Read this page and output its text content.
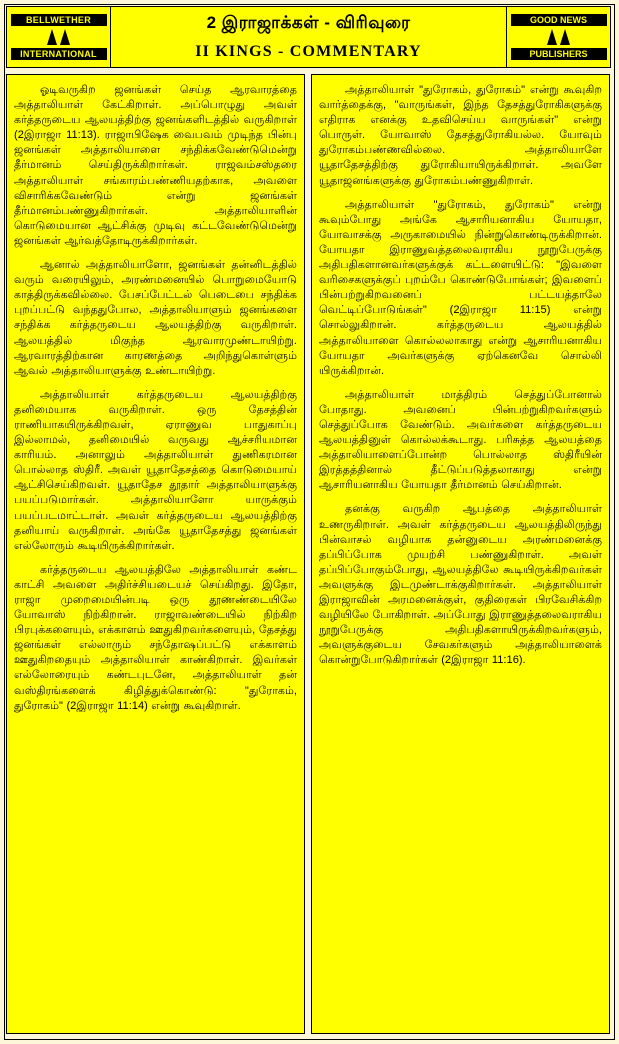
BELLWETHER
INTERNATIONAL
2 இராஜாக்கள் - விரிவுரை
II KINGS - COMMENTARY
GOOD NEWS
PUBLISHERS

ஓடிவருகிற ஜனங்கள் செய்த ஆரவாரத்தை அத்தாலியாள் கேட்கிறாள். அப்பொழுது அவள் கர்த்தருடைய ஆலயத்திற்கு ஜனங்களிடத்தில் வருகிறாள் (2இராஜா 11:13). ராஜாபிஷேக வைபவம் முடிந்த பின்பு ஜனங்கள் அத்தாலியாளை சந்திக்கவேண்டுமென்று தீர்மானம் செய்திருக்கிறார்கள். ராஜவம்சஸ்தரை அத்தாலியாள் சங்காரம்பண்ணியதற்காக, அவளை விசாரிக்கவேண்டும் என்று ஜனங்கள் தீர்மானம்பண்ணுகிறார்கள். அத்தாலியாளின் கொடுமையான ஆட்சிக்கு முடிவு கட்டவேண்டுமென்று ஜனங்கள் ஆர்வத்தோடிருக்கிறார்கள்.

ஆனால் அத்தாலியாளோ, ஜனங்கள் தன்னிடத்தில் வரும் வரையிலும், அரண்மனையில் பொறுமையோடு காத்திருக்கவில்லை. பேசப்பேட்டல் பெடைபை சந்திக்க புறப்பட்டு வந்ததுபோல, அத்தாலியாளும் ஜனங்களை சந்திக்க கர்த்தருடைய ஆலயத்திற்கு வருகிறாள். ஆலயத்தில் மிகுந்த ஆரவாரமுண்டாயிற்று. ஆரவாரத்திற்கான காரணத்தை அறிந்துகொள்ளும் ஆவல் அத்தாலியாளுக்கு உண்டாயிற்று.

அத்தாலியாள் கர்த்தருடைய ஆலயத்திற்கு தனிமையாக வருகிறாள். ஒரு தேசத்தின் ராணியாகயிருக்கிறவள், ஏராணுவ பாதுகாப்பு இல்லாமல், தனிமையில் வருவது ஆச்சரியமான காரியம். அனாலும் அத்தாலியாள் துணிகரமான பொல்லாத ஸ்திரீ. அவள் யூதாதேசத்தை கொடுமையாய் ஆட்சிசெய்கிறவள். யூதாதேச தூதார் அத்தாலியாளுக்கு பயப்படுமார்கள். அத்தாலியாளோ யாருக்கும் பயப்படமாட்டாள். அவள் கர்த்தருடைய ஆலயத்திற்கு தனியாய் வருகிறாள். அங்கே யூதாதேசத்து ஜனங்கள் எல்லோரும் கூடியிருக்கிறார்கள்.

கர்த்தருடைய ஆலயத்திலே அத்தாலியாள் கண்ட காட்சி அவளை அதிர்ச்சியடையச் செய்கிறது. இதோ, ராஜா முறைமையின்படி ஒரு தூணண்டையிலே யோவாஸ் நிற்கிறான். ராஜாவண்டையில் நிற்கிற பிரபுக்களையும், எக்காளம் ஊதுகிறவர்களையும், தேசத்து ஜனங்கள் எல்லாரும் சந்தோஷப்பட்டு எக்காளம் ஊதுகிறதையும் அத்தாலியாள் காண்கிறாள். இவர்கள் எல்லோரையும் கண்டபுடனே, அத்தாலியாள் தன் வஸ்திரங்களைக் கிழித்துக்கொண்டு: "துரோகம், துரோகம்" (2இராஜா 11:14) என்று கூவுகிறாள்.

அத்தாலியாள் "துரோகம், துரோகம்" என்று கூவுகிற வார்த்தைக்கு, "வாருங்கள், இந்த தேசத்துரோகிகளுக்கு எதிராக எனக்கு உதவிசெய்ய வாருங்கள்" என்று பொருள். யோவாஸ் தேசத்துரோகியல்ல. யோவும் துரோகம்பண்ணவில்லை. அத்தாலியாளே யூதாதேசத்திற்கு துரோகியாயிருக்கிறாள். அவளே யூதாஜனங்களுக்கு துரோகம்பண்ணுகிறாள்.

அத்தாலியாள் "துரோகம், துரோகம்" என்று கூவும்போது அங்கே ஆசாரியனாகிய யோயதா, யோவாசக்கு அருகாமையில் நின்றுகொண்டிருக்கிறான். யோயதா இராணுவத்தலைவராகிய நூறுபேருக்கு அதிபதிகளானவர்களுக்குக் கட்டளையிட்டு: "இவளை வரிசைகளுக்குப் புறம்பே கொண்டுபோங்கள்; இவளைப் பின்பற்றுகிறவனைப் பட்டயத்தாலே வெட்டிப்போடுங்கள்" (2இராஜா 11:15) என்று சொல்லுகிறான். கர்த்தருடைய ஆலயத்தில் அத்தாலியாளை கொல்லலாகாது என்று ஆசாரியனாகிய யோயதா அவர்களுக்கு ஏற்கெனவே சொல்லி யிருக்கிறான்.

அத்தாலியாள் மாத்திரம் செத்துப்போனால் போதாது. அவனைப் பின்பற்றுகிறவர்களும் செத்துப்போக வேண்டும். அவர்களை கர்த்தருடைய ஆலயத்தினுள் கொல்லக்கூடாது. பரிசுத்த ஆலயத்தை அத்தாலியாளைப்போன்ற பொல்லாத ஸ்திரீயின் இரத்தத்தினால் தீட்டுப்படுத்தலாகாது என்று ஆசாரியனாகிய யோயதா தீர்மானம் செய்கிறான்.

தனக்கு வருகிற ஆபத்தை அத்தாலியாள் உணருகிறாள். அவள் கர்த்தருடைய ஆலயத்திலிருந்து பின்வாசல் வழியாக தன்னுடைய அரண்மனைக்கு தப்பிப்போக முயற்சி பண்ணுகிறாள். அவள் தப்பிப்போகும்போது, ஆலயத்திலே கூடியிருக்கிறவர்கள் அவளுக்கு இடமுண்டாக்குகிறார்கள். அத்தாலியாள் இராஜாவின் அரமனைக்குள், குதிரைகள் பிரவேசிக்கிற வழியிலே போகிறாள். அப்போது இராணுத்தலைவராகிய நூறுபேருக்கு அதிபதிகளாயிருக்கிறவர்களும், அவளுக்குடைய சேவகர்களும் அத்தாலியாளைக் கொன்றுபோடுகிறார்கள் (2இராஜா 11:16).
